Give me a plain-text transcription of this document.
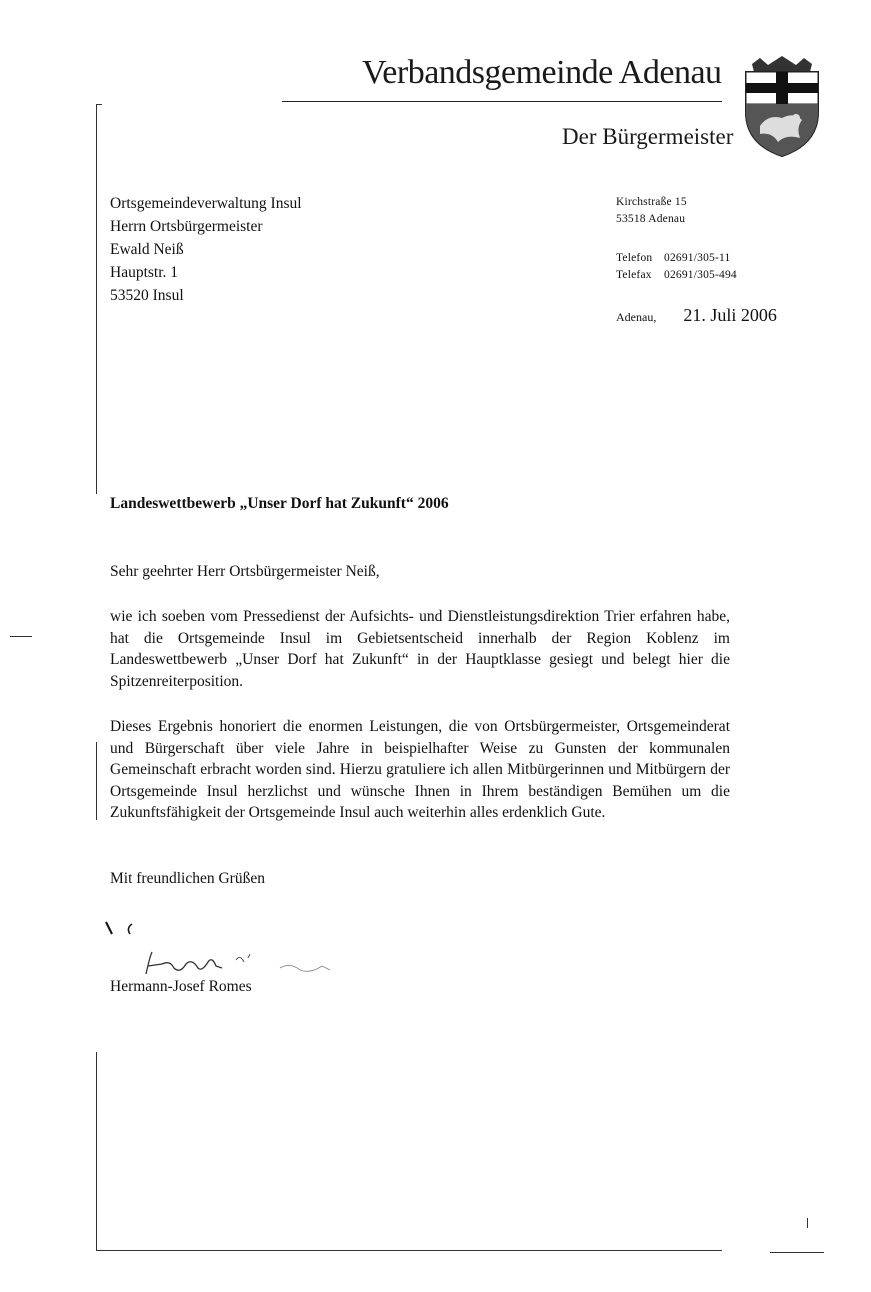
Verbandsgemeinde Adenau
Der Bürgermeister
Ortsgemeindeverwaltung Insul
Herrn Ortsbürgermeister
Ewald Neiß
Hauptstr. 1
53520 Insul
Kirchstraße 15
53518 Adenau
Telefon	02691/305-11
Telefax	02691/305-494
Adenau, 21. Juli 2006
Landeswettbewerb „Unser Dorf hat Zukunft“ 2006
Sehr geehrter Herr Ortsbürgermeister Neiß,
wie ich soeben vom Pressedienst der Aufsichts- und Dienstleistungsdirektion Trier erfahren habe, hat die Ortsgemeinde Insul im Gebietsentscheid innerhalb der Region Koblenz im Landeswettbewerb „Unser Dorf hat Zukunft“ in der Hauptklasse gesiegt und belegt hier die Spitzenreiterposition.
Dieses Ergebnis honoriert die enormen Leistungen, die von Ortsbürgermeister, Ortsgemeinderat und Bürgerschaft über viele Jahre in beispielhafter Weise zu Gunsten der kommunalen Gemeinschaft erbracht worden sind. Hierzu gratuliere ich allen Mitbürgerinnen und Mitbürgern der Ortsgemeinde Insul herzlichst und wünsche Ihnen in Ihrem beständigen Bemühen um die Zukunftsfähigkeit der Ortsgemeinde Insul auch weiterhin alles erdenklich Gute.
Mit freundlichen Grüßen
Hermann-Josef Romes
